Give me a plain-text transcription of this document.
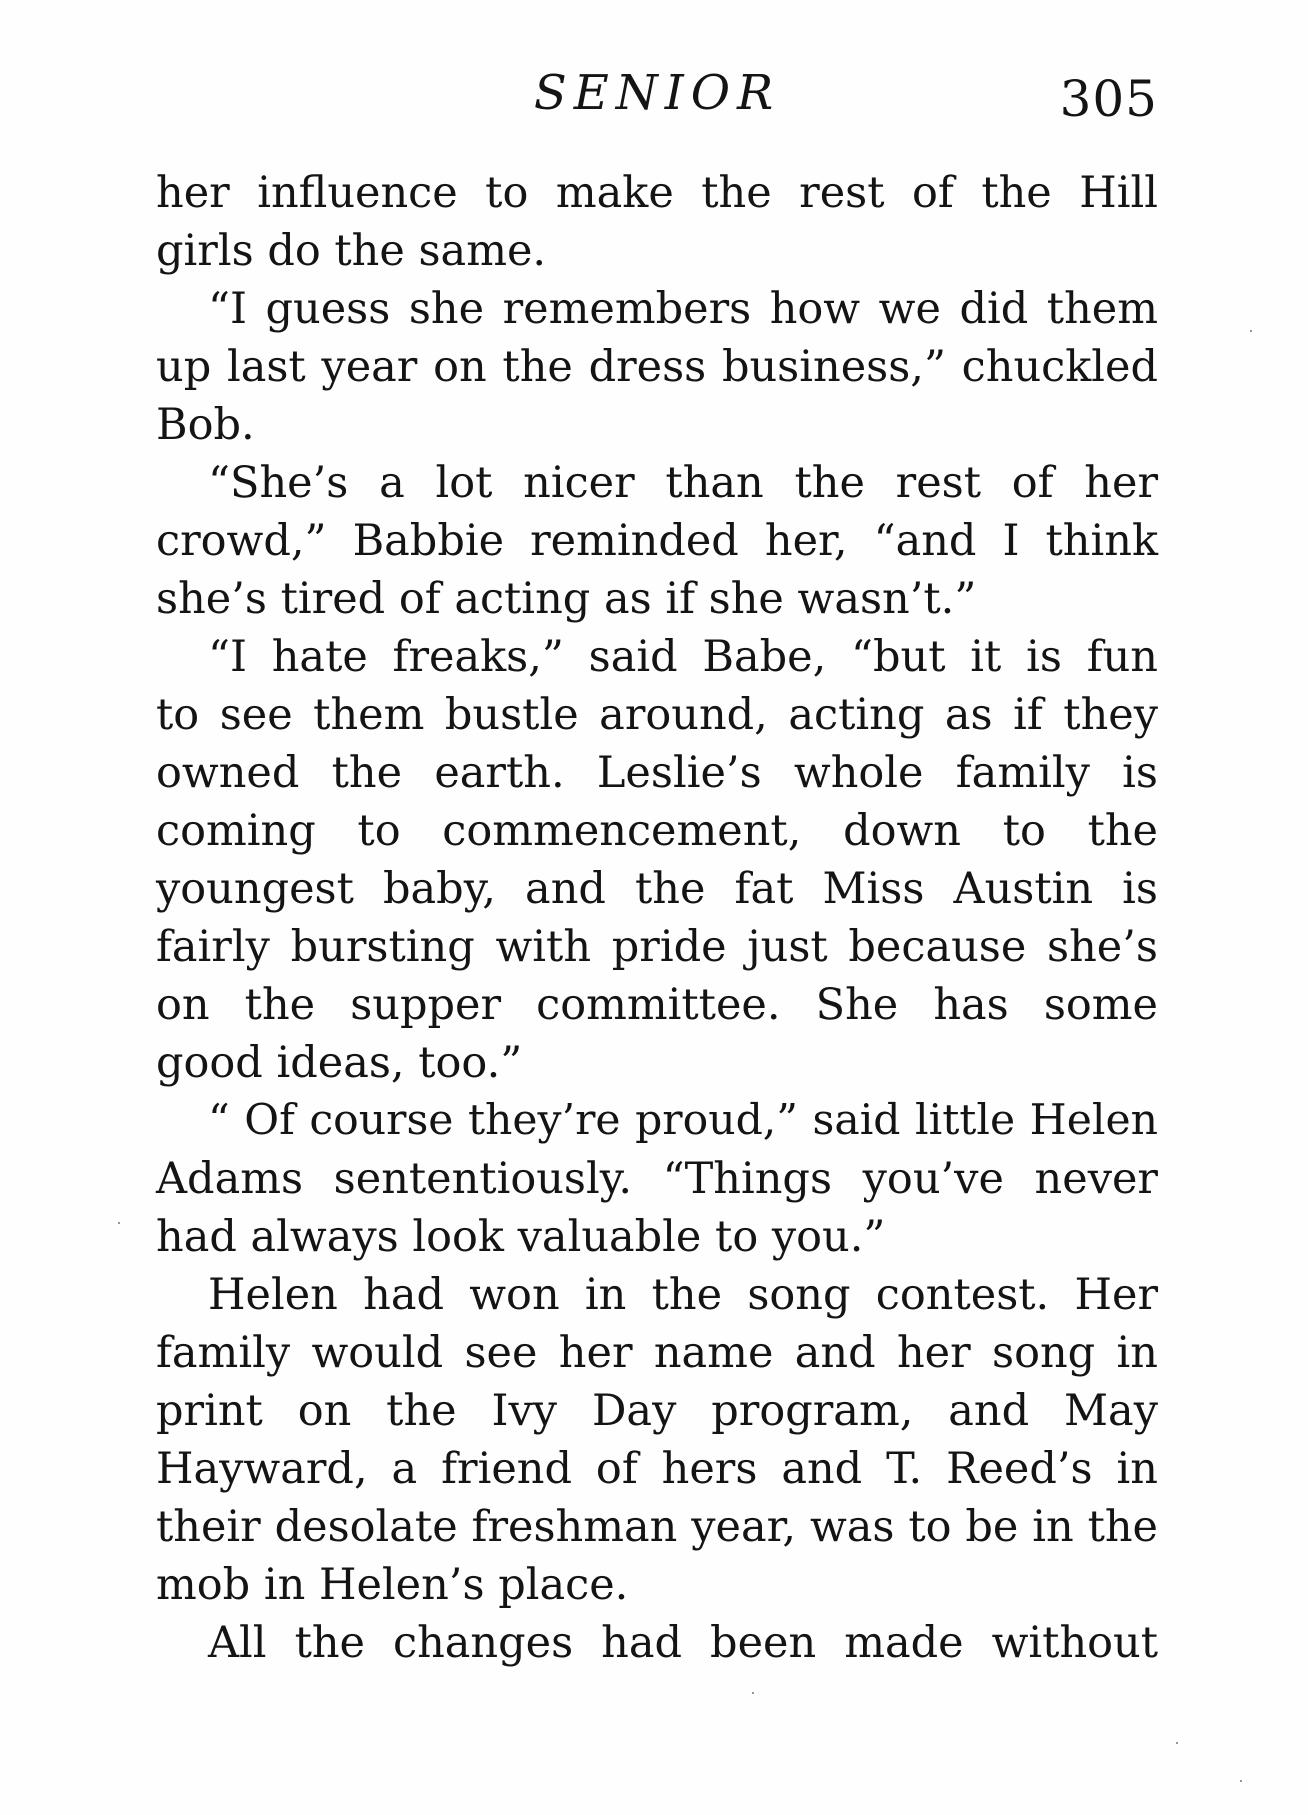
SENIOR	305
her influence to make the rest of the Hill
girls do the same.
“I guess she remembers how we did them
up last year on the dress business,” chuckled
Bob.
“She’s a lot nicer than the rest of her
crowd,” Babbie reminded her, “and I think
she’s tired of acting as if she wasn’t.”
“I hate freaks,” said Babe, “but it is fun
to see them bustle around, acting as if they
owned the earth. Leslie’s whole family is
coming to commencement, down to the
youngest baby, and the fat Miss Austin is
fairly bursting with pride just because she’s
on the supper committee. She has some
good ideas, too.”
“ Of course they’re proud,” said little Helen
Adams sententiously. “Things you’ve never
had always look valuable to you.”
Helen had won in the song contest. Her
family would see her name and her song in
print on the Ivy Day program, and May
Hayward, a friend of hers and T. Reed’s in
their desolate freshman year, was to be in the
mob in Helen’s place.
All the changes had been made without
